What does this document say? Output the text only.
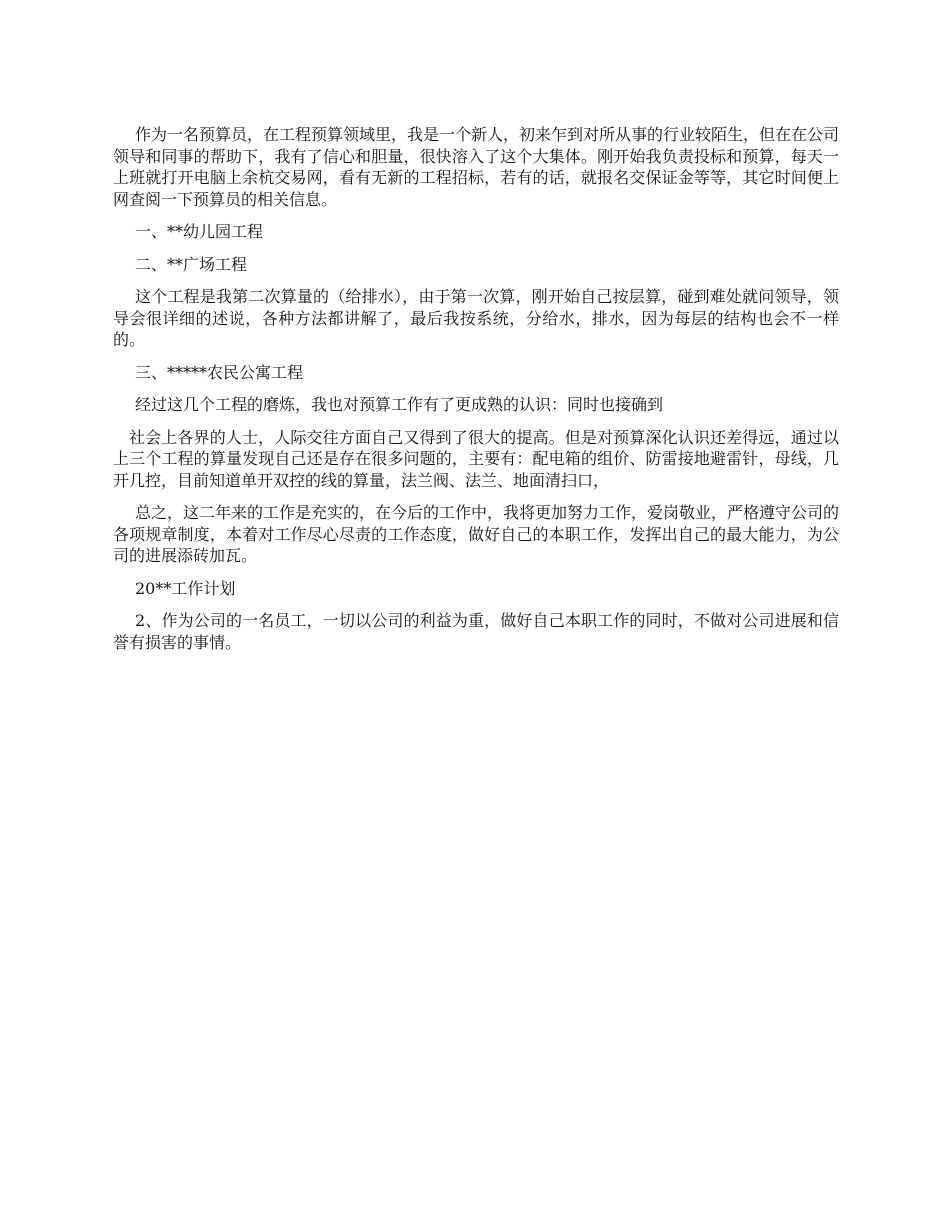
作为一名预算员，在工程预算领域里，我是一个新人，初来乍到对所从事的行业较陌生，但在在公司领导和同事的帮助下，我有了信心和胆量，很快溶入了这个大集体。刚开始我负责投标和预算，每天一上班就打开电脑上余杭交易网，看有无新的工程招标，若有的话，就报名交保证金等等，其它时间便上网查阅一下预算员的相关信息。

一、**幼儿园工程

二、**广场工程

这个工程是我第二次算量的（给排水），由于第一次算，刚开始自己按层算，碰到难处就问领导，领导会很详细的述说，各种方法都讲解了，最后我按系统，分给水，排水，因为每层的结构也会不一样的。

三、*****农民公寓工程

经过这几个工程的磨炼，我也对预算工作有了更成熟的认识：同时也接确到

社会上各界的人士，人际交往方面自己又得到了很大的提高。但是对预算深化认识还差得远，通过以上三个工程的算量发现自己还是存在很多问题的，主要有：配电箱的组价、防雷接地避雷针，母线，几开几控，目前知道单开双控的线的算量，法兰阀、法兰、地面清扫口，

总之，这二年来的工作是充实的，在今后的工作中，我将更加努力工作，爱岗敬业，严格遵守公司的各项规章制度，本着对工作尽心尽责的工作态度，做好自己的本职工作，发挥出自己的最大能力，为公司的进展添砖加瓦。

20**工作计划

2、作为公司的一名员工，一切以公司的利益为重，做好自己本职工作的同时，不做对公司进展和信誉有损害的事情。
